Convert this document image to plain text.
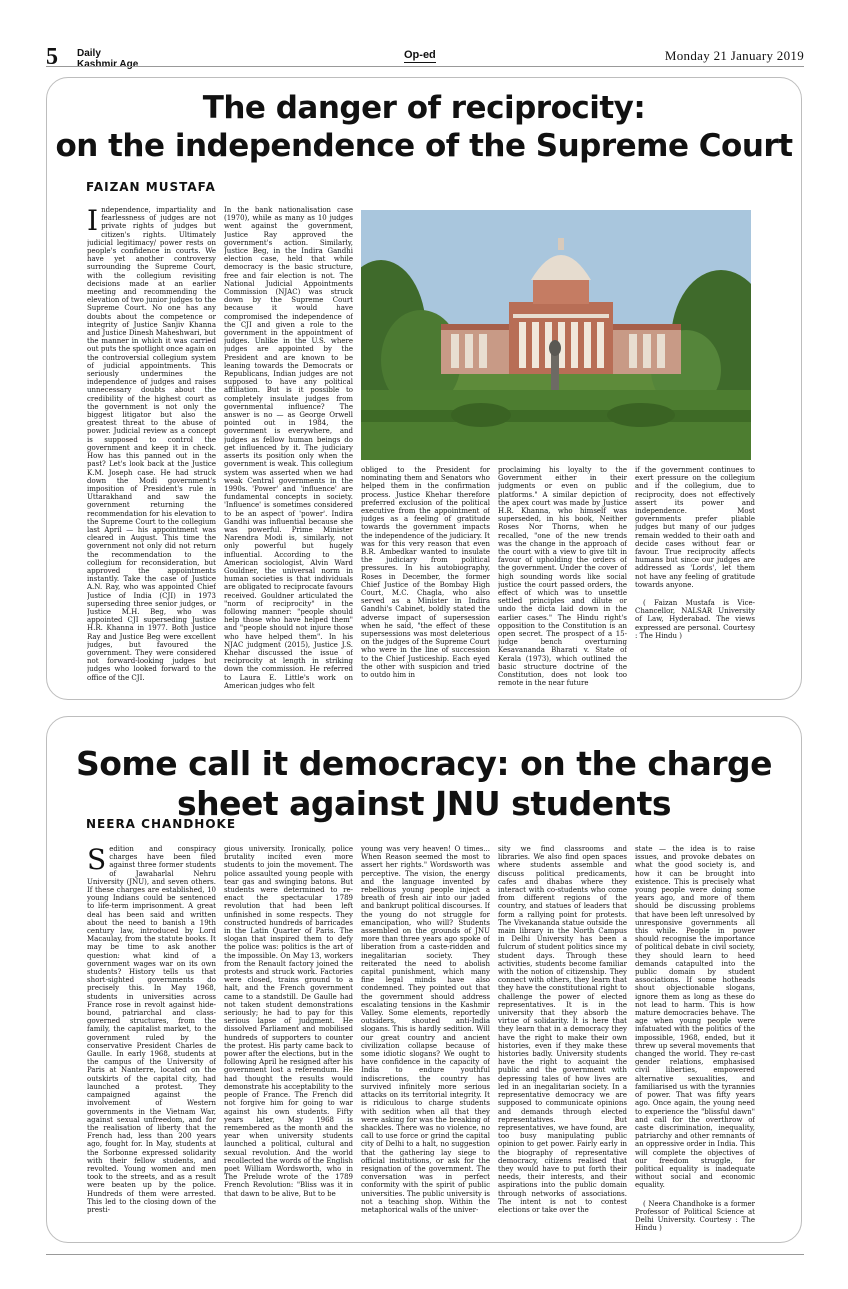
5 Daily
Kashmir Age
Op-ed	Monday 21 January 2019
The danger of reciprocity:
on the independence of the Supreme Court
FAIZAN MUSTAFA
I ndependence, impartiality and fearlessness of judges are not private rights of judges but citizen's rights. Ultimately judicial legitimacy/ power rests on people's confidence in courts. We have yet another controversy surrounding the Supreme Court, with the collegium revisiting decisions made at an earlier meeting and recommending the elevation of two junior judges to the Supreme Court. No one has any doubts about the competence or integrity of Justice Sanjiv Khanna and Justice Dinesh Maheshwari, but the manner in which it was carried out puts the spotlight once again on the controversial collegium system of judicial appointments. This seriously undermines the independence of judges and raises unnecessary doubts about the credibility of the highest court as the government is not only the biggest litigator but also the greatest threat to the abuse of power. Judicial review as a concept is supposed to control the government and keep it in check. How has this panned out in the past? Let's look back at the Justice K.M. Joseph case. He had struck down the Modi government's imposition of President's rule in Uttarakhand and saw the government returning the recommendation for his elevation to the Supreme Court to the collegium last April — his appointment was cleared in August. This time the government not only did not return the recommendation to the collegium for reconsideration, but approved the appointments instantly. Take the case of Justice A.N. Ray, who was appointed Chief Justice of India (CJI) in 1973 superseding three senior judges, or Justice M.H. Beg, who was appointed CJI superseding Justice H.R. Khanna in 1977. Both Justice Ray and Justice Beg were excellent judges, but favoured the government. They were considered not forward-looking judges but judges who looked forward to the office of the CJI.
In the bank nationalisation case (1970), while as many as 10 judges went against the government, Justice Ray approved the government's action. Similarly, Justice Beg, in the Indira Gandhi election case, held that while democracy is the basic structure, free and fair election is not. The National Judicial Appointments Commission (NJAC) was struck down by the Supreme Court because it would have compromised the independence of the CJI and given a role to the government in the appointment of judges. Unlike in the U.S. where judges are appointed by the President and are known to be leaning towards the Democrats or Republicans, Indian judges are not supposed to have any political affiliation. But is it possible to completely insulate judges from governmental influence? The answer is no — as George Orwell pointed out in 1984, the government is everywhere, and judges as fellow human beings do get influenced by it. The judiciary asserts its position only when the government is weak. This collegium system was asserted when we had weak Central governments in the 1990s. 'Power' and 'influence' are fundamental concepts in society. 'Influence' is sometimes considered to be an aspect of 'power'. Indira Gandhi was influential because she was powerful. Prime Minister Narendra Modi is, similarly, not only powerful but hugely influential. According to the American sociologist, Alvin Ward Gouldner, the universal norm in human societies is that individuals are obligated to reciprocate favours received. Gouldner articulated the "norm of reciprocity" in the following manner: "people should help those who have helped them" and "people should not injure those who have helped them". In his NJAC judgment (2015), Justice J.S. Khehar discussed the issue of reciprocity at length in striking down the commission. He referred to Laura E. Little's work on American judges who felt
obliged to the President for nominating them and Senators who helped them in the confirmation process. Justice Khehar therefore preferred exclusion of the political executive from the appointment of judges as a feeling of gratitude towards the government impacts the independence of the judiciary. It was for this very reason that even B.R. Ambedkar wanted to insulate the judiciary from political pressures. In his autobiography, Roses in December, the former Chief Justice of the Bombay High Court, M.C. Chagla, who also served as a Minister in Indira Gandhi's Cabinet, boldly stated the adverse impact of supersession when he said, "the effect of these supersessions was most deleterious on the judges of the Supreme Court who were in the line of succession to the Chief Justiceship. Each eyed the other with suspicion and tried to outdo him in
proclaiming his loyalty to the Government either in their judgments or even on public platforms." A similar depiction of the apex court was made by Justice H.R. Khanna, who himself was superseded, in his book, Neither Roses Nor Thorns, when he recalled, "one of the new trends was the change in the approach of the court with a view to give tilt in favour of upholding the orders of the government. Under the cover of high sounding words like social justice the court passed orders, the effect of which was to unsettle settled principles and dilute or undo the dicta laid down in the earlier cases." The Hindu right's opposition to the Constitution is an open secret. The prospect of a 15-judge bench overturning Kesavananda Bharati v. State of Kerala (1973), which outlined the basic structure doctrine of the Constitution, does not look too remote in the near future
if the government continues to exert pressure on the collegium and if the collegium, due to reciprocity, does not effectively assert its power and independence. Most governments prefer pliable judges but many of our judges remain wedded to their oath and decide cases without fear or favour. True reciprocity affects humans but since our judges are addressed as 'Lords', let them not have any feeling of gratitude towards anyone.

( Faizan Mustafa is Vice-Chancellor, NALSAR University of Law, Hyderabad. The views expressed are personal. Courtesy : The Hindu )

Some call it democracy: on the charge
sheet against JNU students
NEERA CHANDHOKE
S edition and conspiracy charges have been filed against three former students of Jawaharlal Nehru University (JNU), and seven others. If these charges are established, 10 young Indians could be sentenced to life-term imprisonment. A great deal has been said and written about the need to banish a 19th century law, introduced by Lord Macaulay, from the statute books. It may be time to ask another question: what kind of a government wages war on its own students? History tells us that short-sighted governments do precisely this. In May 1968, students in universities across France rose in revolt against hide-bound, patriarchal and class-governed structures, from the family, the capitalist market, to the government ruled by the conservative President Charles de Gaulle. In early 1968, students at the campus of the University of Paris at Nanterre, located on the outskirts of the capital city, had launched a protest. They campaigned against the involvement of Western governments in the Vietnam War, against sexual unfreedom, and for the realisation of liberty that the French had, less than 200 years ago, fought for. In May, students at the Sorbonne expressed solidarity with their fellow students, and revolted. Young women and men took to the streets, and as a result were beaten up by the police. Hundreds of them were arrested. This led to the closing down of the presti-
gious university. Ironically, police brutality incited even more students to join the movement. The police assaulted young people with tear gas and swinging batons. But students were determined to re-enact the spectacular 1789 revolution that had been left unfinished in some respects. They constructed hundreds of barricades in the Latin Quarter of Paris. The slogan that inspired them to defy the police was: politics is the art of the impossible. On May 13, workers from the Renault factory joined the protests and struck work. Factories were closed, trains ground to a halt, and the French government came to a standstill. De Gaulle had not taken student demonstrations seriously; he had to pay for this serious lapse of judgment. He dissolved Parliament and mobilised hundreds of supporters to counter the protest. His party came back to power after the elections, but in the following April he resigned after his government lost a referendum. He had thought the results would demonstrate his acceptability to the people of France. The French did not forgive him for going to war against his own students. Fifty years later, May 1968 is remembered as the month and the year when university students launched a political, cultural and sexual revolution. And the world recollected the words of the English poet William Wordsworth, who in The Prelude wrote of the 1789 French Revolution: "Bliss was it in that dawn to be alive, But to be
young was very heaven! O times... When Reason seemed the most to assert her rights." Wordsworth was perceptive. The vision, the energy and the language invented by rebellious young people inject a breath of fresh air into our jaded and bankrupt political discourses. If the young do not struggle for emancipation, who will? Students assembled on the grounds of JNU more than three years ago spoke of liberation from a caste-ridden and inegalitarian society. They reiterated the need to abolish capital punishment, which many fine legal minds have also condemned. They pointed out that the government should address escalating tensions in the Kashmir Valley. Some elements, reportedly outsiders, shouted anti-India slogans. This is hardly sedition. Will our great country and ancient civilization collapse because of some idiotic slogans? We ought to have confidence in the capacity of India to endure youthful indiscretions, the country has survived infinitely more serious attacks on its territorial integrity. It is ridiculous to charge students with sedition when all that they were asking for was the breaking of shackles. There was no violence, no call to use force or grind the capital city of Delhi to a halt, no suggestion that the gathering lay siege to official institutions, or ask for the resignation of the government. The conversation was in perfect conformity with the spirit of public universities. The public university is not a teaching shop. Within the metaphorical walls of the univer-
sity we find classrooms and libraries. We also find open spaces where students assemble and discuss political predicaments, cafes and dhabas where they interact with co-students who come from different regions of the country, and statues of leaders that form a rallying point for protests. The Vivekananda statue outside the main library in the North Campus in Delhi University has been a fulcrum of student politics since my student days. Through these activities, students become familiar with the notion of citizenship. They connect with others, they learn that they have the constitutional right to challenge the power of elected representatives. It is in the university that they absorb the virtue of solidarity. It is here that they learn that in a democracy they have the right to make their own histories, even if they make these histories badly. University students have the right to acquaint the public and the government with depressing tales of how lives are led in an inegalitarian society. In a representative democracy we are supposed to communicate opinions and demands through elected representatives. But representatives, we have found, are too busy manipulating public opinion to get power. Fairly early in the biography of representative democracy, citizens realised that they would have to put forth their needs, their interests, and their aspirations into the public domain through networks of associations. The intent is not to contest elections or take over the
state — the idea is to raise issues, and provoke debates on what the good society is, and how it can be brought into existence. This is precisely what young people were doing some years ago, and more of them should be discussing problems that have been left unresolved by unresponsive governments all this while. People in power should recognise the importance of political debate in civil society, they should learn to heed demands catapulted into the public domain by student associations. If some hotheads shout objectionable slogans, ignore them as long as these do not lead to harm. This is how mature democracies behave. The age when young people were infatuated with the politics of the impossible, 1968, ended, but it threw up several movements that changed the world. They re-cast gender relations, emphasised civil liberties, empowered alternative sexualities, and familiarised us with the tyrannies of power. That was fifty years ago. Once again, the young need to experience the "blissful dawn" and call for the overthrow of caste discrimination, inequality, patriarchy and other remnants of an oppressive order in India. This will complete the objectives of our freedom struggle, for political equality is inadequate without social and economic equality.

( Neera Chandhoke is a former Professor of Political Science at Delhi University. Courtesy : The Hindu )
